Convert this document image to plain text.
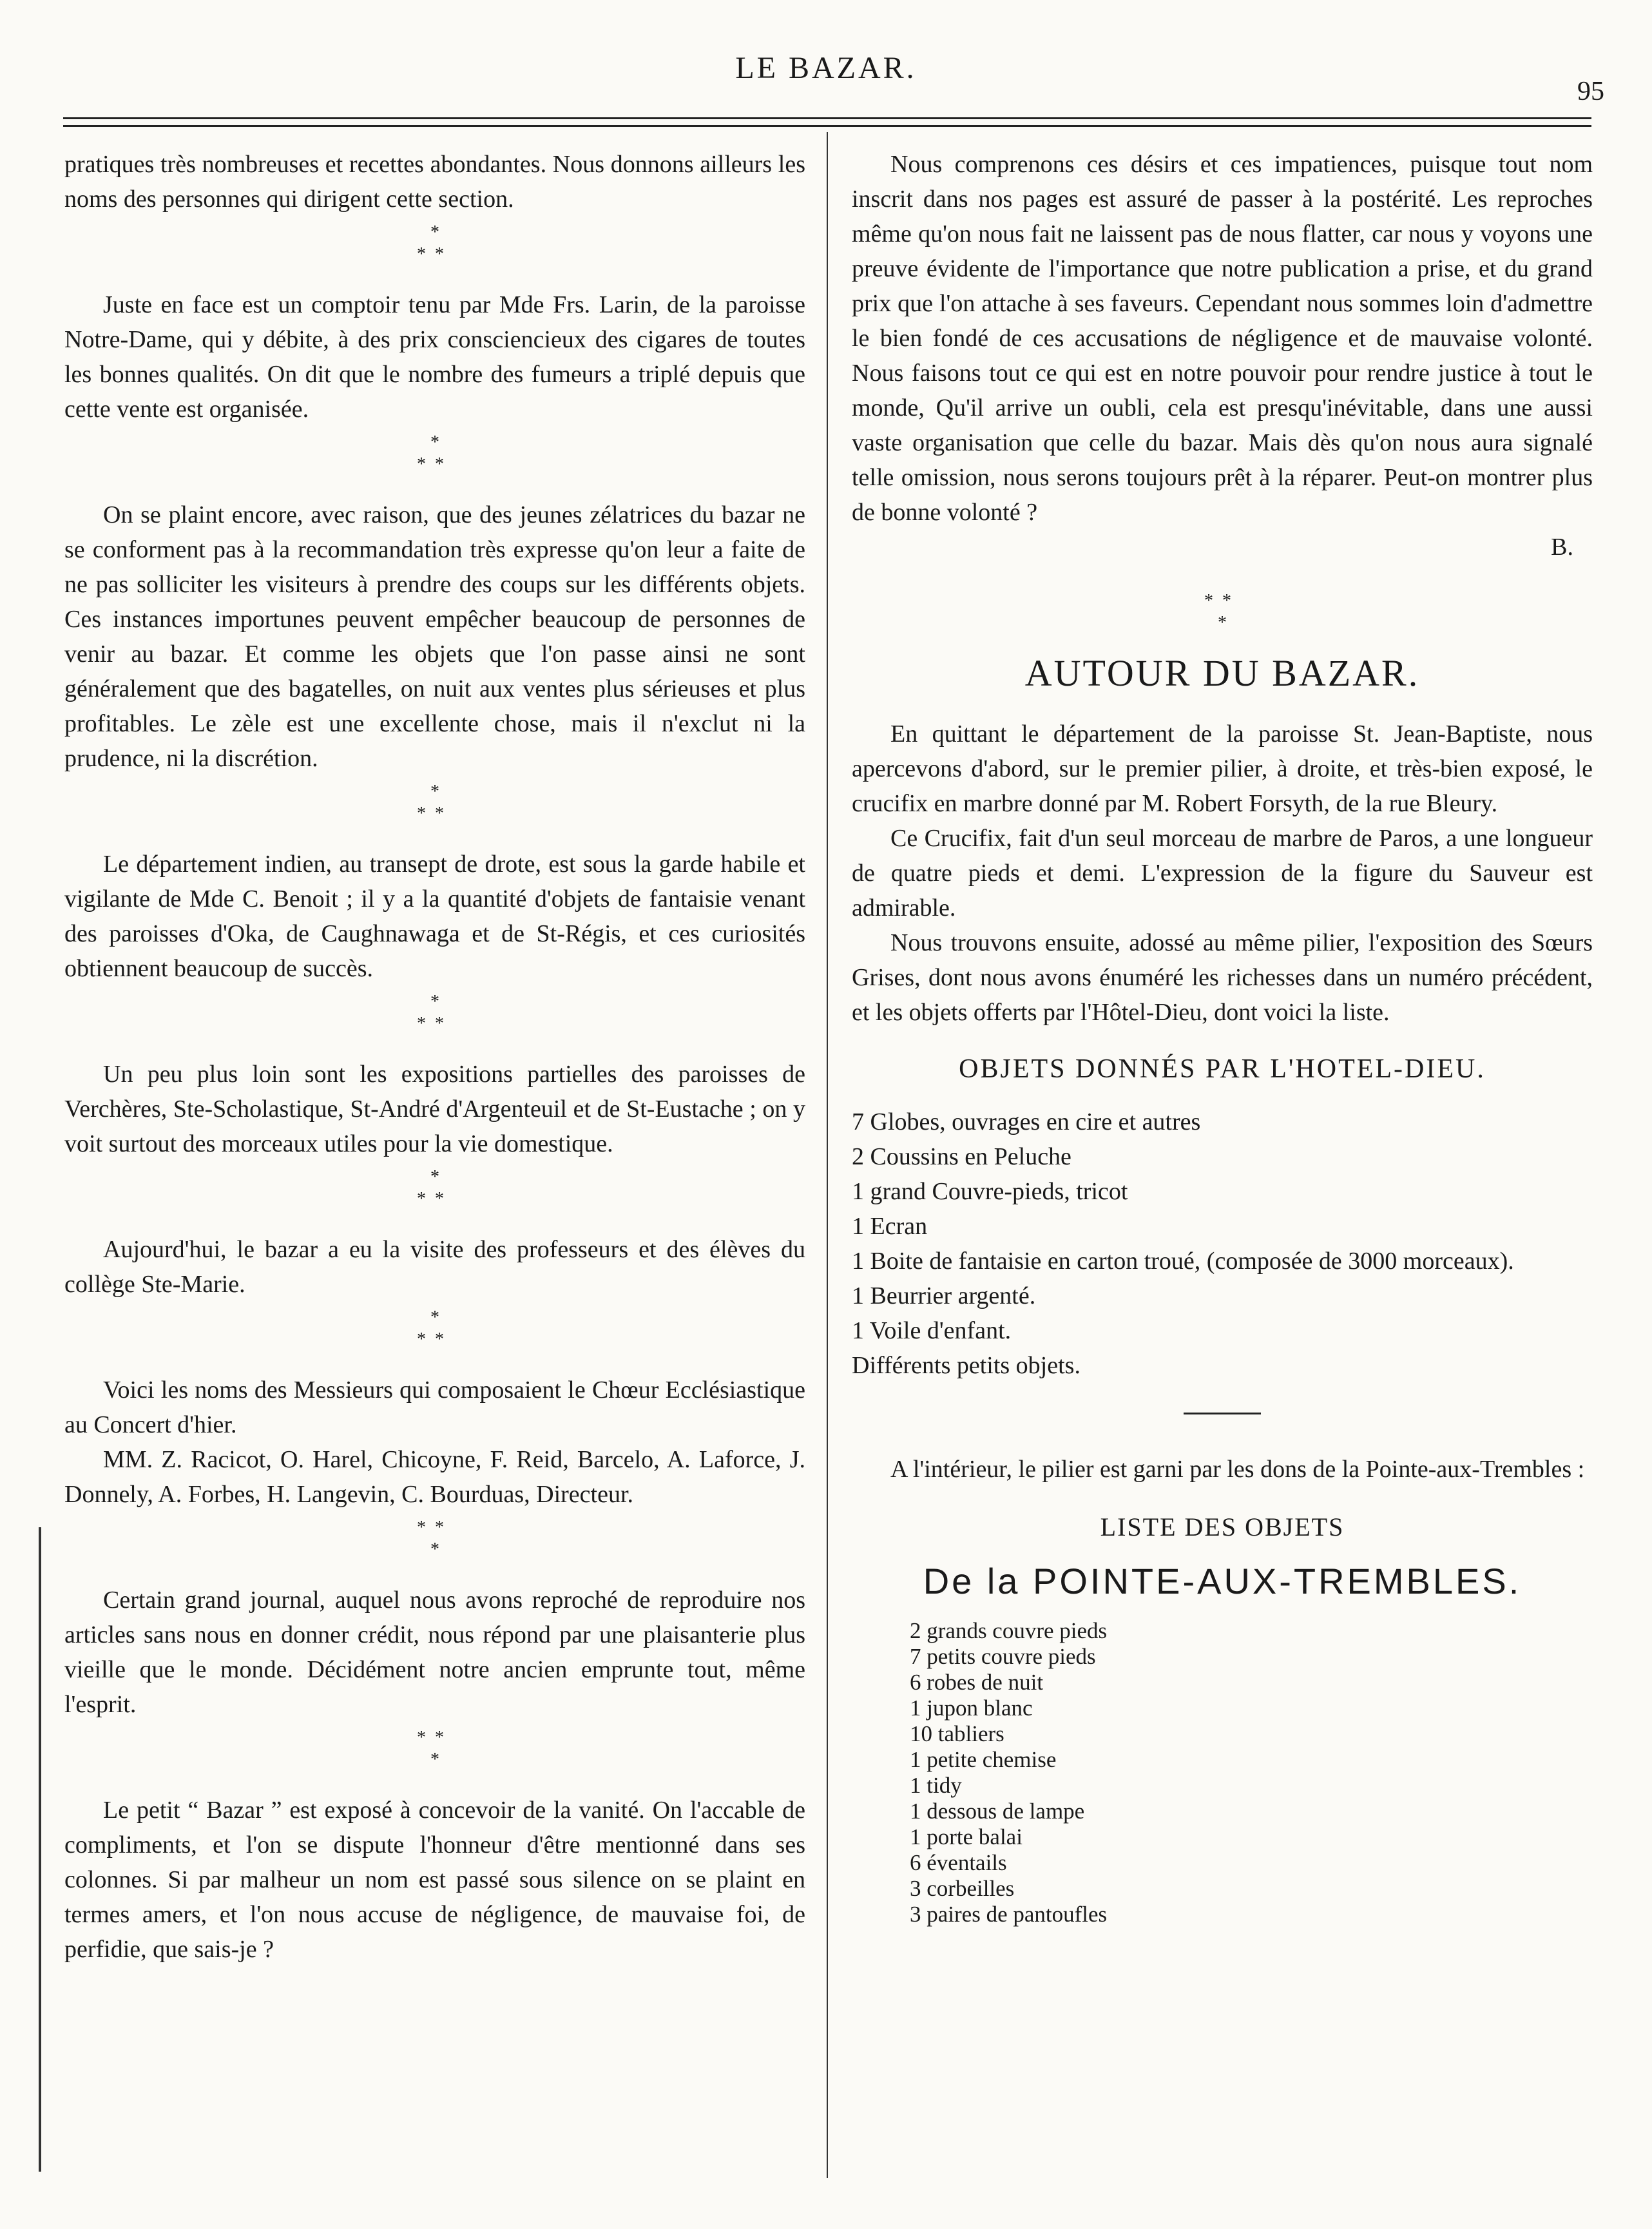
LE BAZAR.
95

pratiques très nombreuses et recettes abondantes. Nous donnons ailleurs les noms des personnes qui dirigent cette section.

*
**

Juste en face est un comptoir tenu par Mde Frs. Larin, de la paroisse Notre-Dame, qui y débite, à des prix consciencieux des cigares de toutes les bonnes qualités. On dit que le nombre des fumeurs a triplé depuis que cette vente est organisée.

*
**

On se plaint encore, avec raison, que des jeunes zélatrices du bazar ne se conforment pas à la recommandation très expresse qu'on leur a faite de ne pas solliciter les visiteurs à prendre des coups sur les différents objets. Ces instances importunes peuvent empêcher beaucoup de personnes de venir au bazar. Et comme les objets que l'on passe ainsi ne sont généralement que des bagatelles, on nuit aux ventes plus sérieuses et plus profitables. Le zèle est une excellente chose, mais il n'exclut ni la prudence, ni la discrétion.

*
**

Le département indien, au transept de drote, est sous la garde habile et vigilante de Mde C. Benoit ; il y a la quantité d'objets de fantaisie venant des paroisses d'Oka, de Caughnawaga et de St-Régis, et ces curiosités obtiennent beaucoup de succès.

*
**

Un peu plus loin sont les expositions partielles des paroisses de Verchères, Ste-Scholastique, St-André d'Argenteuil et de St-Eustache ; on y voit surtout des morceaux utiles pour la vie domestique.

*
**

Aujourd'hui, le bazar a eu la visite des professeurs et des élèves du collège Ste-Marie.

*
**

Voici les noms des Messieurs qui composaient le Chœur Ecclésiastique au Concert d'hier.

MM. Z. Racicot, O. Harel, Chicoyne, F. Reid, Barcelo, A. Laforce, J. Donnely, A. Forbes, H. Langevin, C. Bourduas, Directeur.

**
*

Certain grand journal, auquel nous avons reproché de reproduire nos articles sans nous en donner crédit, nous répond par une plaisanterie plus vieille que le monde. Décidément notre ancien emprunte tout, même l'esprit.

**
*

Le petit “ Bazar ” est exposé à concevoir de la vanité. On l'accable de compliments, et l'on se dispute l'honneur d'être mentionné dans ses colonnes. Si par malheur un nom est passé sous silence on se plaint en termes amers, et l'on nous accuse de négligence, de mauvaise foi, de perfidie, que sais-je ?

Nous comprenons ces désirs et ces impatiences, puisque tout nom inscrit dans nos pages est assuré de passer à la postérité. Les reproches même qu'on nous fait ne laissent pas de nous flatter, car nous y voyons une preuve évidente de l'importance que notre publication a prise, et du grand prix que l'on attache à ses faveurs. Cependant nous sommes loin d'admettre le bien fondé de ces accusations de négligence et de mauvaise volonté. Nous faisons tout ce qui est en notre pouvoir pour rendre justice à tout le monde, Qu'il arrive un oubli, cela est presqu'inévitable, dans une aussi vaste organisation que celle du bazar. Mais dès qu'on nous aura signalé telle omission, nous serons toujours prêt à la réparer. Peut-on montrer plus de bonne volonté ?

B.

**
*
AUTOUR DU BAZAR.

En quittant le département de la paroisse St. Jean-Baptiste, nous apercevons d'abord, sur le premier pilier, à droite, et très-bien exposé, le crucifix en marbre donné par M. Robert Forsyth, de la rue Bleury.

Ce Crucifix, fait d'un seul morceau de marbre de Paros, a une longueur de quatre pieds et demi. L'expression de la figure du Sauveur est admirable.

Nous trouvons ensuite, adossé au même pilier, l'exposition des Sœurs Grises, dont nous avons énuméré les richesses dans un numéro précédent, et les objets offerts par l'Hôtel-Dieu, dont voici la liste.

OBJETS DONNÉS PAR L'HOTEL-DIEU.
7 Globes, ouvrages en cire et autres
2 Coussins en Peluche
1 grand Couvre-pieds, tricot
1 Ecran
1 Boite de fantaisie en carton troué, (composée de 3000 morceaux).
1 Beurrier argenté.
1 Voile d'enfant.
Différents petits objets.

A l'intérieur, le pilier est garni par les dons de la Pointe-aux-Trembles :

LISTE DES OBJETS
De la POINTE-AUX-TREMBLES.
2 grands couvre pieds
7 petits couvre pieds
6 robes de nuit
1 jupon blanc
10 tabliers
1 petite chemise
1 tidy
1 dessous de lampe
1 porte balai
6 éventails
3 corbeilles
3 paires de pantoufles
